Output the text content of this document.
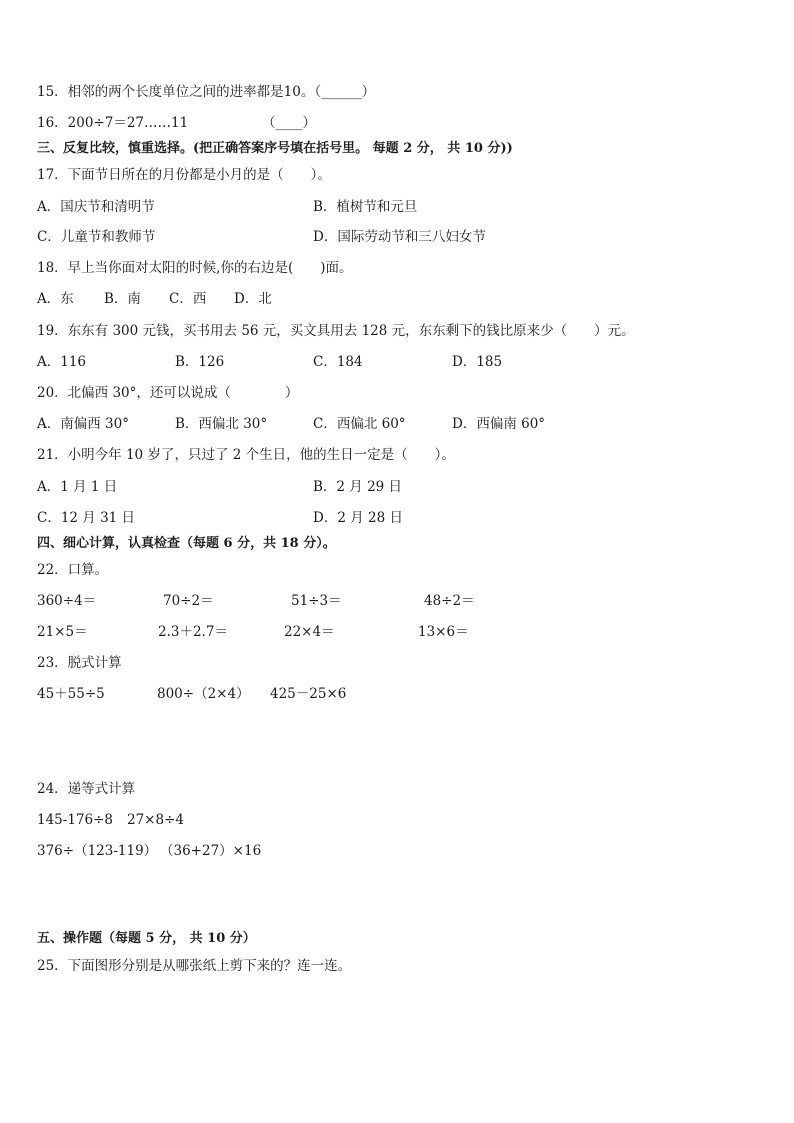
15．相邻的两个长度单位之间的进率都是10。（______）
16．200÷7＝27……11	（____）
三、反复比较，慎重选择。(把正确答案序号填在括号里。 每题 2 分， 共 10 分))
17．下面节日所在的月份都是小月的是（　　）。
A．国庆节和清明节	B．植树节和元旦
C．儿童节和教师节	D．国际劳动节和三八妇女节
18．早上当你面对太阳的时候,你的右边是(　　)面。
A．东 B．南 C．西 D．北
19．东东有 300 元钱，买书用去 56 元，买文具用去 128 元，东东剩下的钱比原来少（　　）元。
A．116	B．126	C．184	D．185
20．北偏西 30°，还可以说成（　　　　）
A．南偏西 30°	B．西偏北 30°	C．西偏北 60°	D．西偏南 60°
21．小明今年 10 岁了，只过了 2 个生日，他的生日一定是（　　）。
A．1 月 1 日	B．2 月 29 日
C．12 月 31 日	D．2 月 28 日
四、细心计算，认真检查（每题 6 分，共 18 分）。
22．口算。
360÷4＝	70÷2＝	51÷3＝	48÷2＝
21×5＝	2.3＋2.7＝	22×4＝	13×6＝
23．脱式计算
45＋55÷5	800÷（2×4） 425－25×6
24．递等式计算
145-176÷8 27×8÷4
376÷（123-119） （36+27）×16
五、操作题（每题 5 分， 共 10 分）
25．下面图形分别是从哪张纸上剪下来的？连一连。
